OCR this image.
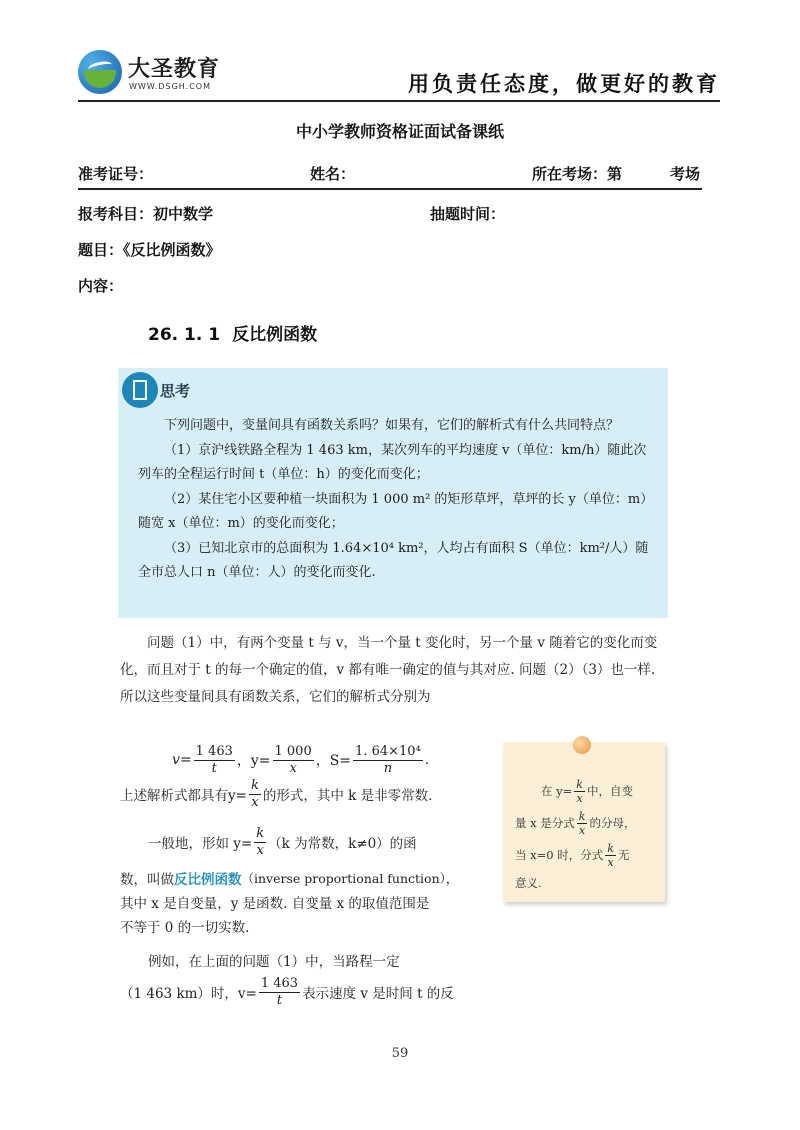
大圣教育
WWW.DSGH.COM	用负责任态度，做更好的教育
中小学教师资格证面试备课纸
准考证号：	姓名：	所在考场：第	考场
报考科目：初中数学	抽题时间：
题目：《反比例函数》
内容：
26. 1. 1 反比例函数
思考

下列问题中，变量间具有函数关系吗？如果有，它们的解析式有什么共同特点？

（1）京沪线铁路全程为 1 463 km，某次列车的平均速度 v（单位：km/h）随此次列车的全程运行时间 t（单位：h）的变化而变化；

（2）某住宅小区要种植一块面积为 1 000 m² 的矩形草坪，草坪的长 y（单位：m）随宽 x（单位：m）的变化而变化；

（3）已知北京市的总面积为 1.64×10⁴ km²，人均占有面积 S（单位：km²/人）随全市总人口 n（单位：人）的变化而变化.

问题（1）中，有两个变量 t 与 v，当一个量 t 变化时，另一个量 v 随着它的变化而变化，而且对于 t 的每一个确定的值，v 都有唯一确定的值与其对应. 问题（2）（3）也一样. 所以这些变量间具有函数关系，它们的解析式分别为

$v= \frac{1 463}{t}$ ，$y= \frac{1 000}{x}$ ，$S= \frac{\text{1. 64×10⁴}}{n}$ .
上述解析式都具有$y= \frac{k}{x}$ 的形式，其中 k 是非零常数.
一般地，形如 $y= \frac{k}{x} (k$ 为常数，k≠0）的函
数，叫做 反比例函数 （inverse proportional function），
其中 x 是自变量，y 是函数. 自变量 x 的取值范围是
不等于 0 的一切实数.
例如，在上面的问题（1）中，当路程一定
（1 463 km）时，$v= \frac{1 463}{t}$ 表示速度 v 是时间 t 的反
在 $y= \frac{k}{x}$ 中，自变
量 x 是分式 $\frac{k}{x}$ 的分母，
当 x=0 时，分式 $\frac{k}{x}$ 无
意义.
59
